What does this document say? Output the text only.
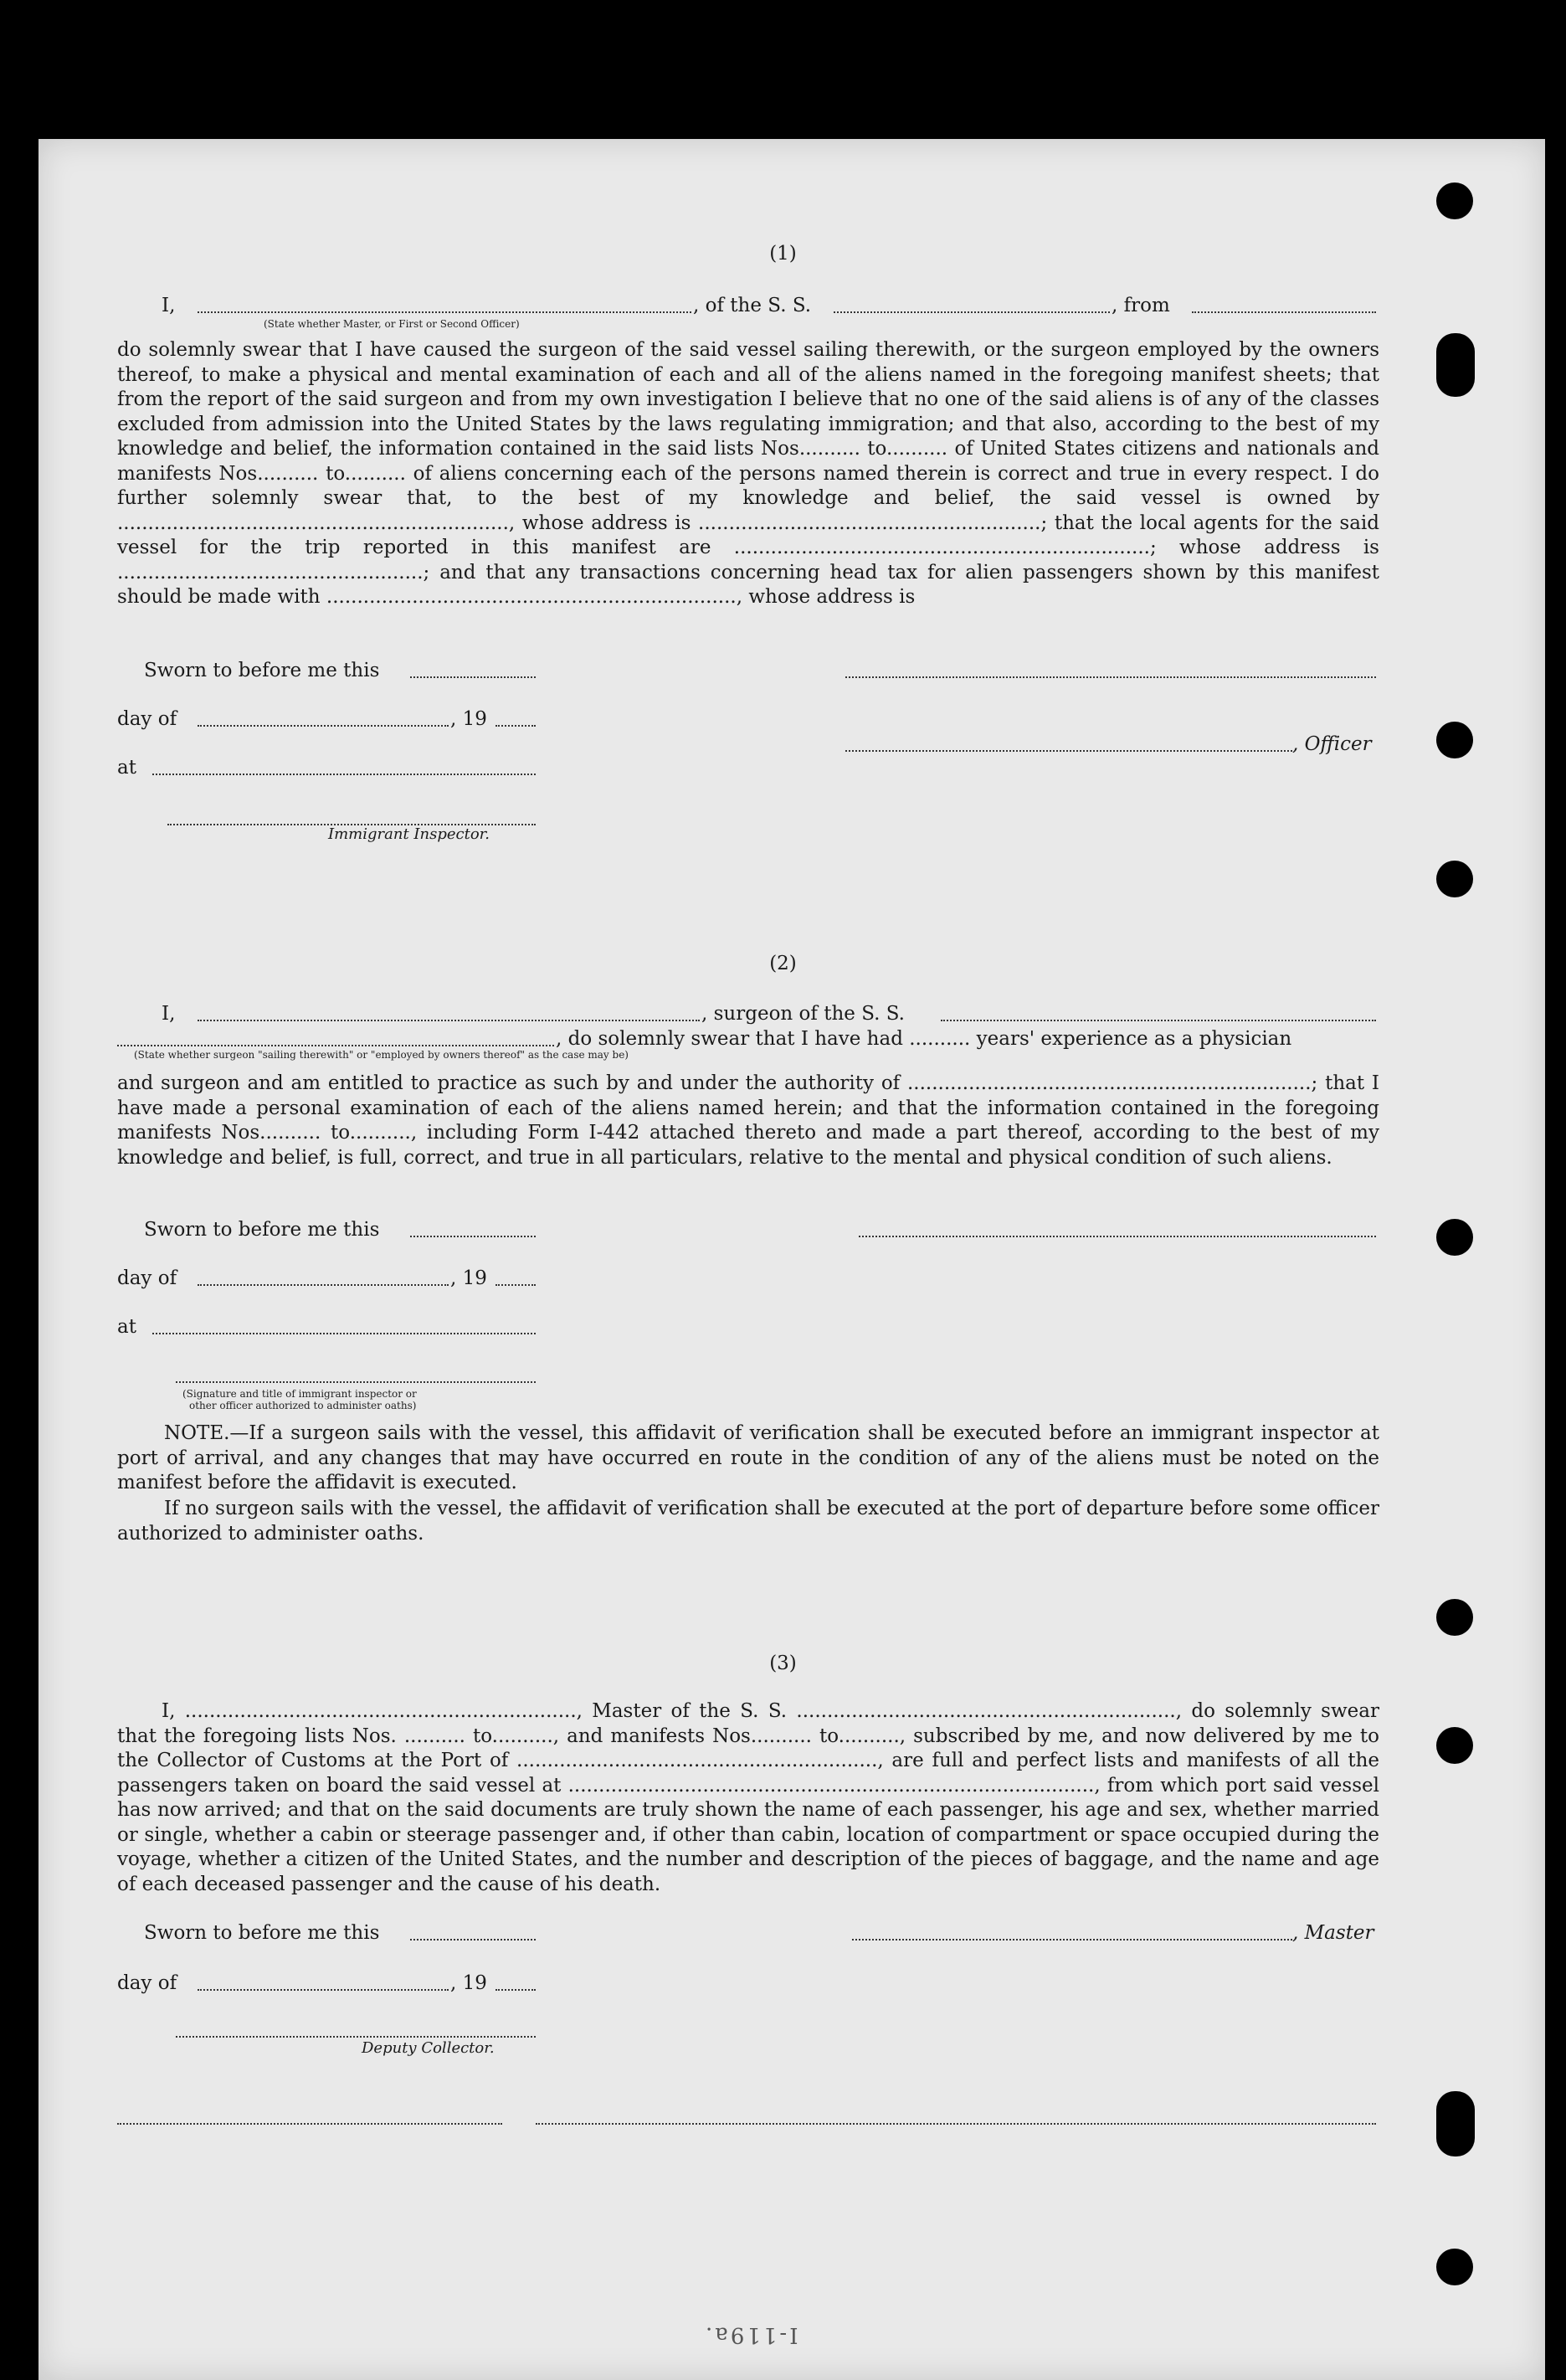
(1)

I,	, of the S. S.	, from

(State whether Master, or First or Second Officer)

do solemnly swear that I have caused the surgeon of the said vessel sailing therewith, or the surgeon employed by the owners thereof, to make a physical and mental examination of each and all of the aliens named in the foregoing manifest sheets; that from the report of the said surgeon and from my own investigation I believe that no one of the said aliens is of any of the classes excluded from admission into the United States by the laws regulating immigration; and that also, according to the best of my knowledge and belief, the information contained in the said lists Nos.......... to.......... of United States citizens and nationals and manifests Nos.......... to.......... of aliens concerning each of the persons named therein is correct and true in every respect. I do further solemnly swear that, to the best of my knowledge and belief, the said vessel is owned by ................................................................, whose address is ........................................................; that the local agents for the said vessel for the trip reported in this manifest are ....................................................................; whose address is ..................................................; and that any transactions concerning head tax for alien passengers shown by this manifest should be made with ..................................................................., whose address is

Sworn to before me this

day of	, 19

, Officer

at

Immigrant Inspector.

(2)

I,	, surgeon of the S. S.

, do solemnly swear that I have had .......... years' experience as a physician

(State whether surgeon "sailing therewith" or "employed by owners thereof" as the case may be)

and surgeon and am entitled to practice as such by and under the authority of ..................................................................; that I have made a personal examination of each of the aliens named herein; and that the information contained in the foregoing manifests Nos.......... to.........., including Form I-442 attached thereto and made a part thereof, according to the best of my knowledge and belief, is full, correct, and true in all particulars, relative to the mental and physical condition of such aliens.

Sworn to before me this

day of	, 19

at

(Signature and title of immigrant inspector or

other officer authorized to administer oaths)

NOTE.—If a surgeon sails with the vessel, this affidavit of verification shall be executed before an immigrant inspector at port of arrival, and any changes that may have occurred en route in the condition of any of the aliens must be noted on the manifest before the affidavit is executed.

If no surgeon sails with the vessel, the affidavit of verification shall be executed at the port of departure before some officer authorized to administer oaths.

(3)

I, ................................................................, Master of the S. S. .............................................................., do solemnly swear that the foregoing lists Nos. .......... to.........., and manifests Nos.......... to.........., subscribed by me, and now delivered by me to the Collector of Customs at the Port of ..........................................................., are full and perfect lists and manifests of all the passengers taken on board the said vessel at ......................................................................................, from which port said vessel has now arrived; and that on the said documents are truly shown the name of each passenger, his age and sex, whether married or single, whether a cabin or steerage passenger and, if other than cabin, location of compartment or space occupied during the voyage, whether a citizen of the United States, and the number and description of the pieces of baggage, and the name and age of each deceased passenger and the cause of his death.

Sworn to before me this	, Master

day of	, 19

Deputy Collector.

I-119a.
